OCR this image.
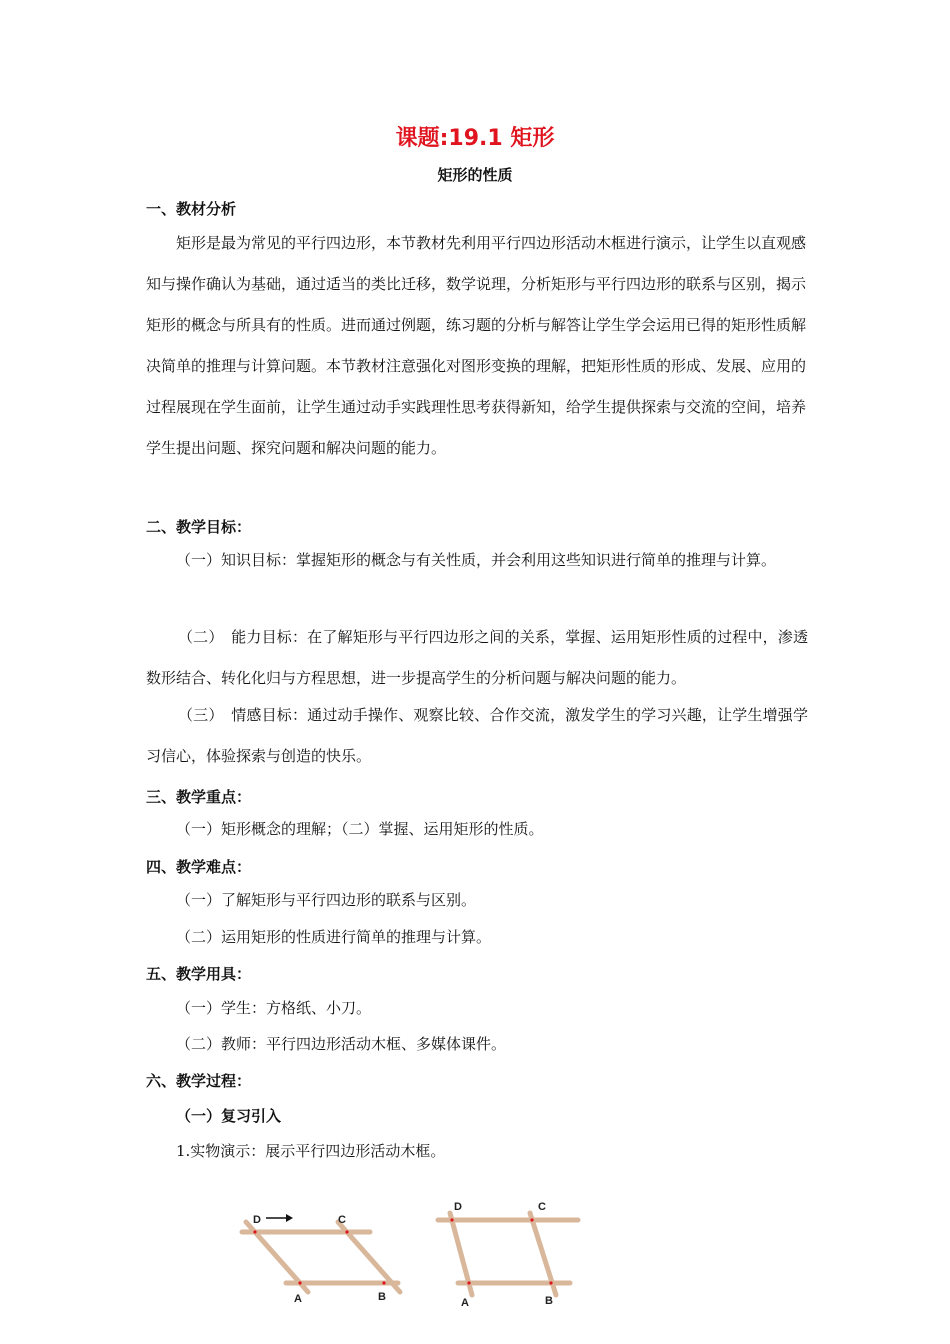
课题:19.1 矩形
矩形的性质
一、教材分析
矩形是最为常见的平行四边形，本节教材先利用平行四边形活动木框进行演示，让学生以直观感知与操作确认为基础，通过适当的类比迁移，数学说理，分析矩形与平行四边形的联系与区别，揭示矩形的概念与所具有的性质。进而通过例题，练习题的分析与解答让学生学会运用已得的矩形性质解决简单的推理与计算问题。本节教材注意强化对图形变换的理解，把矩形性质的形成、发展、应用的过程展现在学生面前，让学生通过动手实践理性思考获得新知，给学生提供探索与交流的空间，培养学生提出问题、探究问题和解决问题的能力。
二、教学目标：
（一）知识目标：掌握矩形的概念与有关性质，并会利用这些知识进行简单的推理与计算。
（二）　能力目标：在了解矩形与平行四边形之间的关系，掌握、运用矩形性质的过程中，渗透数形结合、转化化归与方程思想，进一步提高学生的分析问题与解决问题的能力。
（三）　情感目标：通过动手操作、观察比较、合作交流，激发学生的学习兴趣，让学生增强学习信心，体验探索与创造的快乐。
三、教学重点：
（一）矩形概念的理解；（二）掌握、运用矩形的性质。
四、教学难点：
（一）了解矩形与平行四边形的联系与区别。
（二）运用矩形的性质进行简单的推理与计算。
五、教学用具：
（一）学生：方格纸、小刀。
（二）教师：平行四边形活动木框、多媒体课件。
六、教学过程：
（一）复习引入
1.实物演示：展示平行四边形活动木框。
D	C
A	B
D	C
A	B
